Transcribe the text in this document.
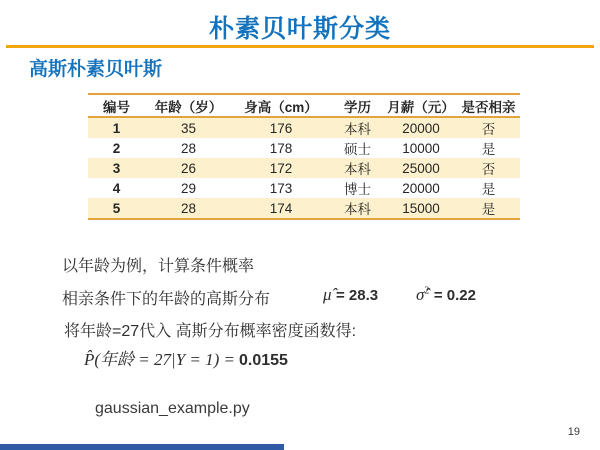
朴素贝叶斯分类
高斯朴素贝叶斯
编号	年龄（岁）	身高（cm）	学历	月薪（元）	是否相亲
1	35	176	本科	20000	否
2	28	178	硕士	10000	是
3	26	172	本科	25000	否
4	29	173	博士	20000	是
5	28	174	本科	15000	是
以年龄为例，计算条件概率
相亲条件下的年龄的高斯分布	μ̂ = 28.3 σ̂$^2$ = 0.22
将年龄=27代入 高斯分布概率密度函数得:
P̂(年龄 = 27|Y = 1) = 0.0155
gaussian_example.py
19
